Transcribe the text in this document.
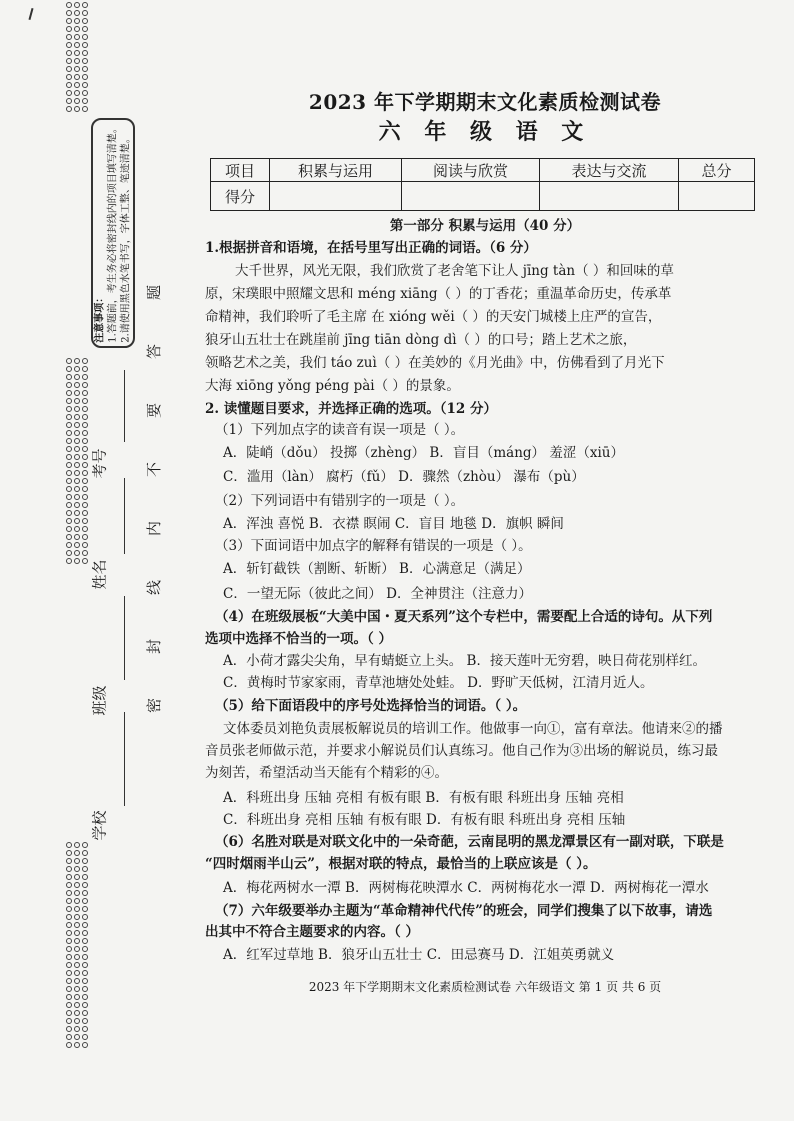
注意事项： 1.答题前，考生务必将密封线内的项目填写清楚。 2.请使用黑色水笔书写，字体工整、笔迹清楚。
考号
姓名
班级
学校
题
答
要
不
内
线
封
密
2023 年下学期期末文化素质检测试卷
六 年 级 语 文
项目	积累与运用	阅读与欣赏	表达与交流	总分
得分				
第一部分 积累与运用（40 分）
1.根据拼音和语境，在括号里写出正确的词语。（6 分）
大千世界，风光无限，我们欣赏了老舍笔下让人 jīng tàn（ ）和回味的草
原，宋璞眼中照耀文思和 méng xiāng（ ）的丁香花；重温革命历史，传承革
命精神，我们聆听了毛主席 在 xióng wěi（ ）的天安门城楼上庄严的宣告，
狼牙山五壮士在跳崖前 jīng tiān dòng dì（ ）的口号；踏上艺术之旅，
领略艺术之美，我们 táo zuì（ ）在美妙的《月光曲》中，仿佛看到了月光下
大海 xiōng yǒng péng pài（ ）的景象。
2. 读懂题目要求，并选择正确的选项。（12 分）
（1）下列加点字的读音有误一项是（ ）。
A．陡峭（dǒu） 投掷（zhèng） B．盲目（máng） 羞涩（xiū）
C．滥用（làn） 腐朽（fǔ） D．骤然（zhòu） 瀑布（pù）
（2）下列词语中有错别字的一项是（ ）。
A．浑浊 喜悦 B．衣襟 瞑闹 C．盲目 地毯 D．旗帜 瞬间
（3）下面词语中加点字的解释有错误的一项是（ ）。
A．斩钉截铁（割断、斩断） B．心满意足（满足）
C．一望无际（彼此之间） D．全神贯注（注意力）
（4）在班级展板“大美中国・夏天系列”这个专栏中，需要配上合适的诗句。从下列
选项中选择不恰当的一项。（ ）
A．小荷才露尖尖角，早有蜻蜓立上头。 B．接天莲叶无穷碧，映日荷花别样红。
C．黄梅时节家家雨，青草池塘处处蛙。 D．野旷天低树，江清月近人。
（5）给下面语段中的序号处选择恰当的词语。（ ）。
文体委员刘艳负责展板解说员的培训工作。他做事一向①，富有章法。他请来②的播
音员张老师做示范，并要求小解说员们认真练习。他自己作为③出场的解说员，练习最
为刻苦，希望活动当天能有个精彩的④。
A．科班出身 压轴 亮相 有板有眼 B．有板有眼 科班出身 压轴 亮相
C．科班出身 亮相 压轴 有板有眼 D．有板有眼 科班出身 亮相 压轴
（6）名胜对联是对联文化中的一朵奇葩，云南昆明的黑龙潭景区有一副对联，下联是
“四时烟雨半山云”，根据对联的特点，最恰当的上联应该是（ ）。
A．梅花两树水一潭 B．两树梅花映潭水 C．两树梅花水一潭 D．两树梅花一潭水
（7）六年级要举办主题为“革命精神代代传”的班会，同学们搜集了以下故事，请选
出其中不符合主题要求的内容。（ ）
A．红军过草地 B．狼牙山五壮士 C．田忌赛马 D．江姐英勇就义
2023 年下学期期末文化素质检测试卷 六年级语文 第 1 页 共 6 页
